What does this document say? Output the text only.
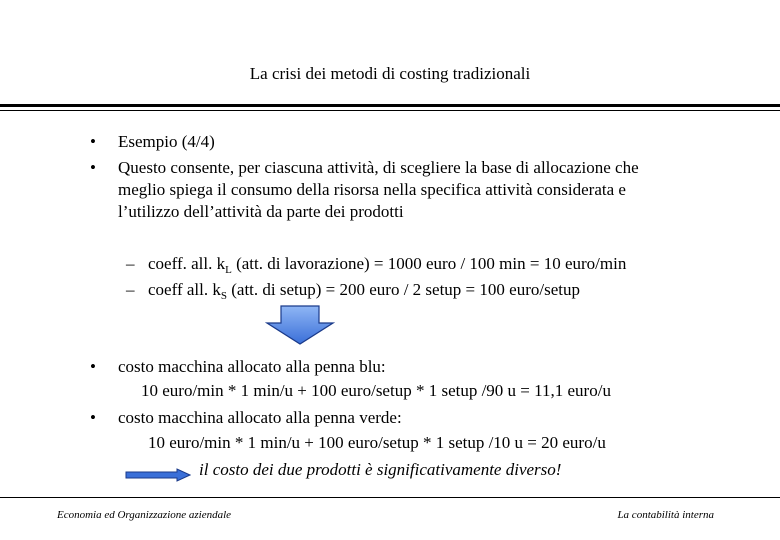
La crisi dei metodi di costing tradizionali
• Esempio (4/4)
• Questo consente, per ciascuna attività, di scegliere la base di allocazione che
meglio spiega il consumo della risorsa nella specifica attività considerata e
l’utilizzo dell’attività da parte dei prodotti
– coeff. all. $k_L$ (att. di lavorazione) = 1000 euro / 100 min = 10 euro/min
– coeff all. $k_S$ (att. di setup) = 200 euro / 2 setup = 100 euro/setup
• costo macchina allocato alla penna blu:
10 euro/min * 1 min/u + 100 euro/setup * 1 setup /90 u = 11,1 euro/u
• costo macchina allocato alla penna verde:
10 euro/min * 1 min/u + 100 euro/setup * 1 setup /10 u = 20 euro/u
il costo dei due prodotti è significativamente diverso!
Economia ed Organizzazione aziendale	La contabilità interna
